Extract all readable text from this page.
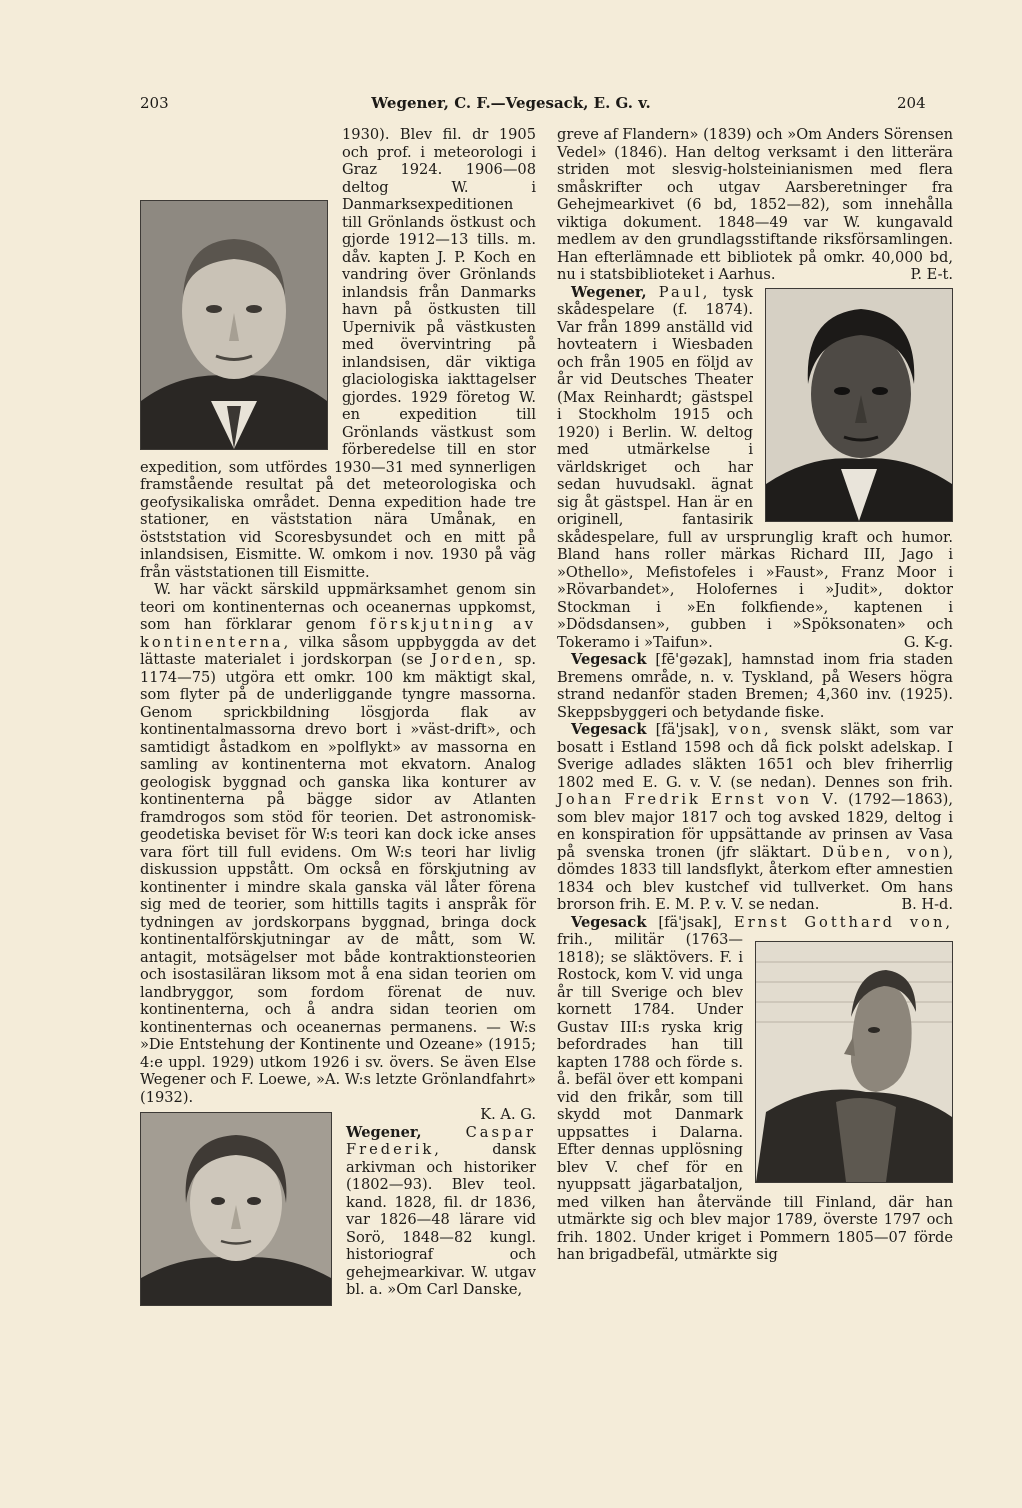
203	Wegener, C. F.—Vegesack, E. G. v.	204

1930). Blev fil. dr 1905 och prof. i meteorologi i Graz 1924. 1906—08 deltog W. i Danmarksexpeditionen till Grönlands östkust och gjorde 1912—13 tills. m. dåv. kapten J. P. Koch en vandring över Grönlands inlandsis från Danmarks havn på östkusten till Upernivik på västkusten med övervintring på inlandsisen, där viktiga glaciologiska iakttagelser gjordes. 1929 företog W. en expedition till Grönlands västkust som förberedelse till en stor expedition, som utfördes 1930—31 med synnerligen framstående resultat på det meteorologiska och geofysikaliska området. Denna expedition hade tre stationer, en väststation nära Umånak, en östststation vid Scoresbysundet och en mitt på inlandsisen, Eismitte. W. omkom i nov. 1930 på väg från väststationen till Eismitte.

W. har väckt särskild uppmärksamhet genom sin teori om kontinenternas och oceanernas uppkomst, som han förklarar genom förskjutning av kontinenterna, vilka såsom uppbyggda av det lättaste materialet i jordskorpan (se Jorden, sp. 1174—75) utgöra ett omkr. 100 km mäktigt skal, som flyter på de underliggande tyngre massorna. Genom sprickbildning lösgjorda flak av kontinentalmassorna drevo bort i »väst-drift», och samtidigt åstadkom en »polflykt» av massorna en samling av kontinenterna mot ekvatorn. Analog geologisk byggnad och ganska lika konturer av kontinenterna på bägge sidor av Atlanten framdrogos som stöd för teorien. Det astronomisk-geodetiska beviset för W:s teori kan dock icke anses vara fört till full evidens. Om W:s teori har livlig diskussion uppstått. Om också en förskjutning av kontinenter i mindre skala ganska väl låter förena sig med de teorier, som hittills tagits i anspråk för tydningen av jordskorpans byggnad, bringa dock kontinentalförskjutningar av de mått, som W. antagit, motsägelser mot både kontraktionsteorien och isostasiläran liksom mot å ena sidan teorien om landbryggor, som fordom förenat de nuv. kontinenterna, och å andra sidan teorien om kontinenternas och oceanernas permanens. — W:s »Die Entstehung der Kontinente und Ozeane» (1915; 4:e uppl. 1929) utkom 1926 i sv. övers. Se även Else Wegener och F. Loewe, »A. W:s letzte Grönlandfahrt» (1932).

K. A. G.

Wegener,	Caspar Frederik, dansk arkivman och historiker (1802—93). Blev teol. kand. 1828, fil. dr 1836, var 1826—48 lärare vid Sorö, 1848—82 kungl. historiograf och gehejmearkivar. W. utgav bl. a. »Om Carl Danske,

greve af Flandern» (1839) och »Om Anders Sörensen Vedel» (1846). Han deltog verksamt i den litterära striden mot slesvig-holsteinianismen med flera småskrifter och utgav Aarsberetninger fra Gehejmearkivet (6 bd, 1852—82), som innehålla viktiga dokument. 1848—49 var W. kungavald medlem av den grundlagsstiftande riksförsamlingen. Han efterlämnade ett bibliotek på omkr. 40,000 bd, nu i statsbiblioteket i Aarhus.	P. E-t.

Wegener, Paul,
tysk skådespelare (f. 1874). Var från 1899 anställd vid hovteatern i Wiesbaden och från 1905 en följd av år vid Deutsches Theater (Max Reinhardt; gästspel i Stockholm 1915 och 1920) i Berlin. W. deltog med utmärkelse i världskriget och har sedan huvudsakl. ägnat sig åt gästspel. Han är en originell, fantasirik skådespelare, full av ursprunglig kraft och humor. Bland hans roller märkas Richard III, Jago i »Othello», Mefistofeles i »Faust», Franz Moor i »Rövarbandet», Holofernes i »Judit», doktor Stockman i »En folkfiende», kaptenen i »Dödsdansen», gubben i »Spöksonaten» och Tokeramo i »Taifun».	G. K-g.

Vegesack [fē'gəzak], hamnstad inom fria staden Bremens område, n. v. Tyskland, på Wesers högra strand nedanför staden Bremen; 4,360 inv. (1925). Skeppsbyggeri och betydande fiske.

Vegesack [fä'jsak], von, svensk släkt, som var bosatt i Estland 1598 och då fick polskt adelskap. I Sverige adlades släkten 1651 och blev friherrlig 1802 med E. G. v. V. (se nedan). Dennes son frih. Johan Fredrik Ernst von V. (1792—1863), som blev major 1817 och tog avsked 1829, deltog i en konspiration för uppsättande av prinsen av Vasa på svenska tronen (jfr släktart. Düben, von), dömdes 1833 till landsflykt, återkom efter amnestien 1834 och blev kustchef vid tullverket. Om hans brorson frih. E. M. P. v. V. se nedan.	B. H-d.

Vegesack [fä'jsak], Ernst Gotthard von,
frih., militär (1763—1818); se släktövers. F. i Rostock, kom V. vid unga år till Sverige och blev kornett 1784. Under Gustav III:s ryska krig befordrades han till kapten 1788 och förde s. å. befäl över ett kompani vid den frikår, som till skydd mot Danmark uppsattes i Dalarna. Efter dennas upplösning blev V. chef för en nyuppsatt jägarbataljon, med vilken han återvände till Finland, där han utmärkte sig och blev major 1789, överste 1797 och frih. 1802. Under kriget i Pommern 1805—07 förde han brigadbefäl, utmärkte sig
